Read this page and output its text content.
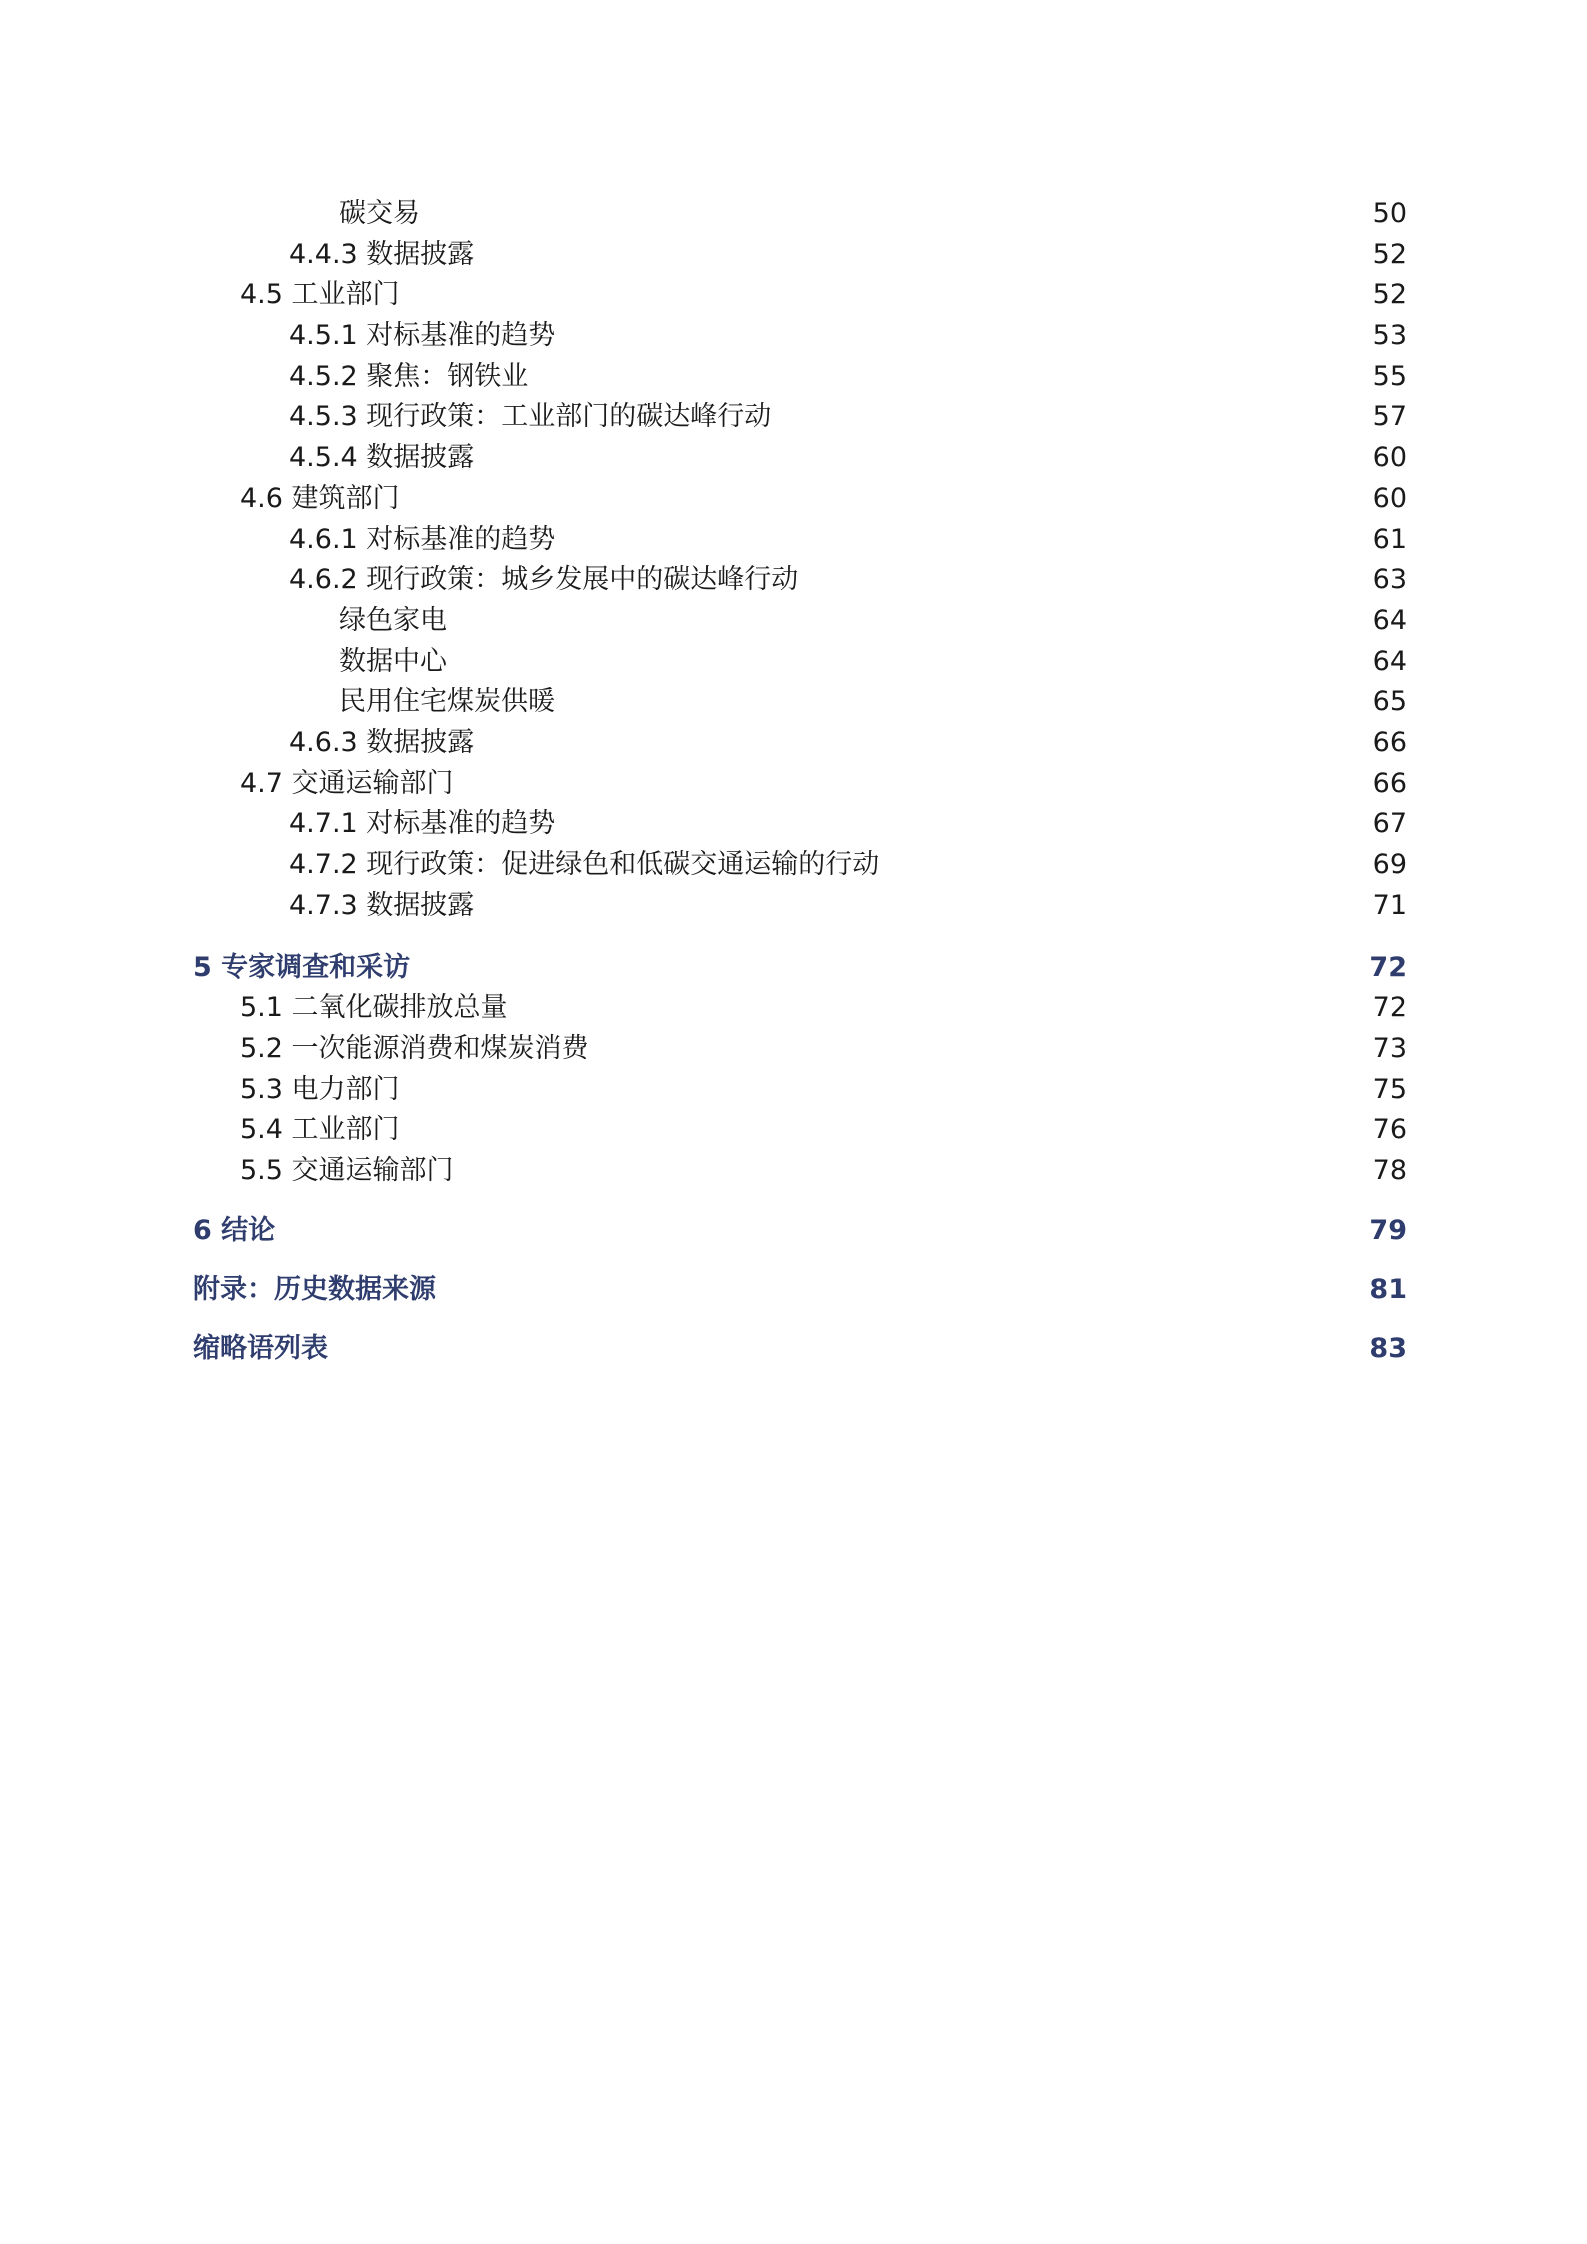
碳交易	50
4.4.3 数据披露	52
4.5 工业部门	52
4.5.1 对标基准的趋势	53
4.5.2 聚焦：钢铁业	55
4.5.3 现行政策：工业部门的碳达峰行动	57
4.5.4 数据披露	60
4.6 建筑部门	60
4.6.1 对标基准的趋势	61
4.6.2 现行政策：城乡发展中的碳达峰行动	63
绿色家电	64
数据中心	64
民用住宅煤炭供暖	65
4.6.3 数据披露	66
4.7 交通运输部门	66
4.7.1 对标基准的趋势	67
4.7.2 现行政策：促进绿色和低碳交通运输的行动	69
4.7.3 数据披露	71
5 专家调查和采访	72
5.1 二氧化碳排放总量	72
5.2 一次能源消费和煤炭消费	73
5.3 电力部门	75
5.4 工业部门	76
5.5 交通运输部门	78
6 结论	79
附录：历史数据来源	81
缩略语列表	83
